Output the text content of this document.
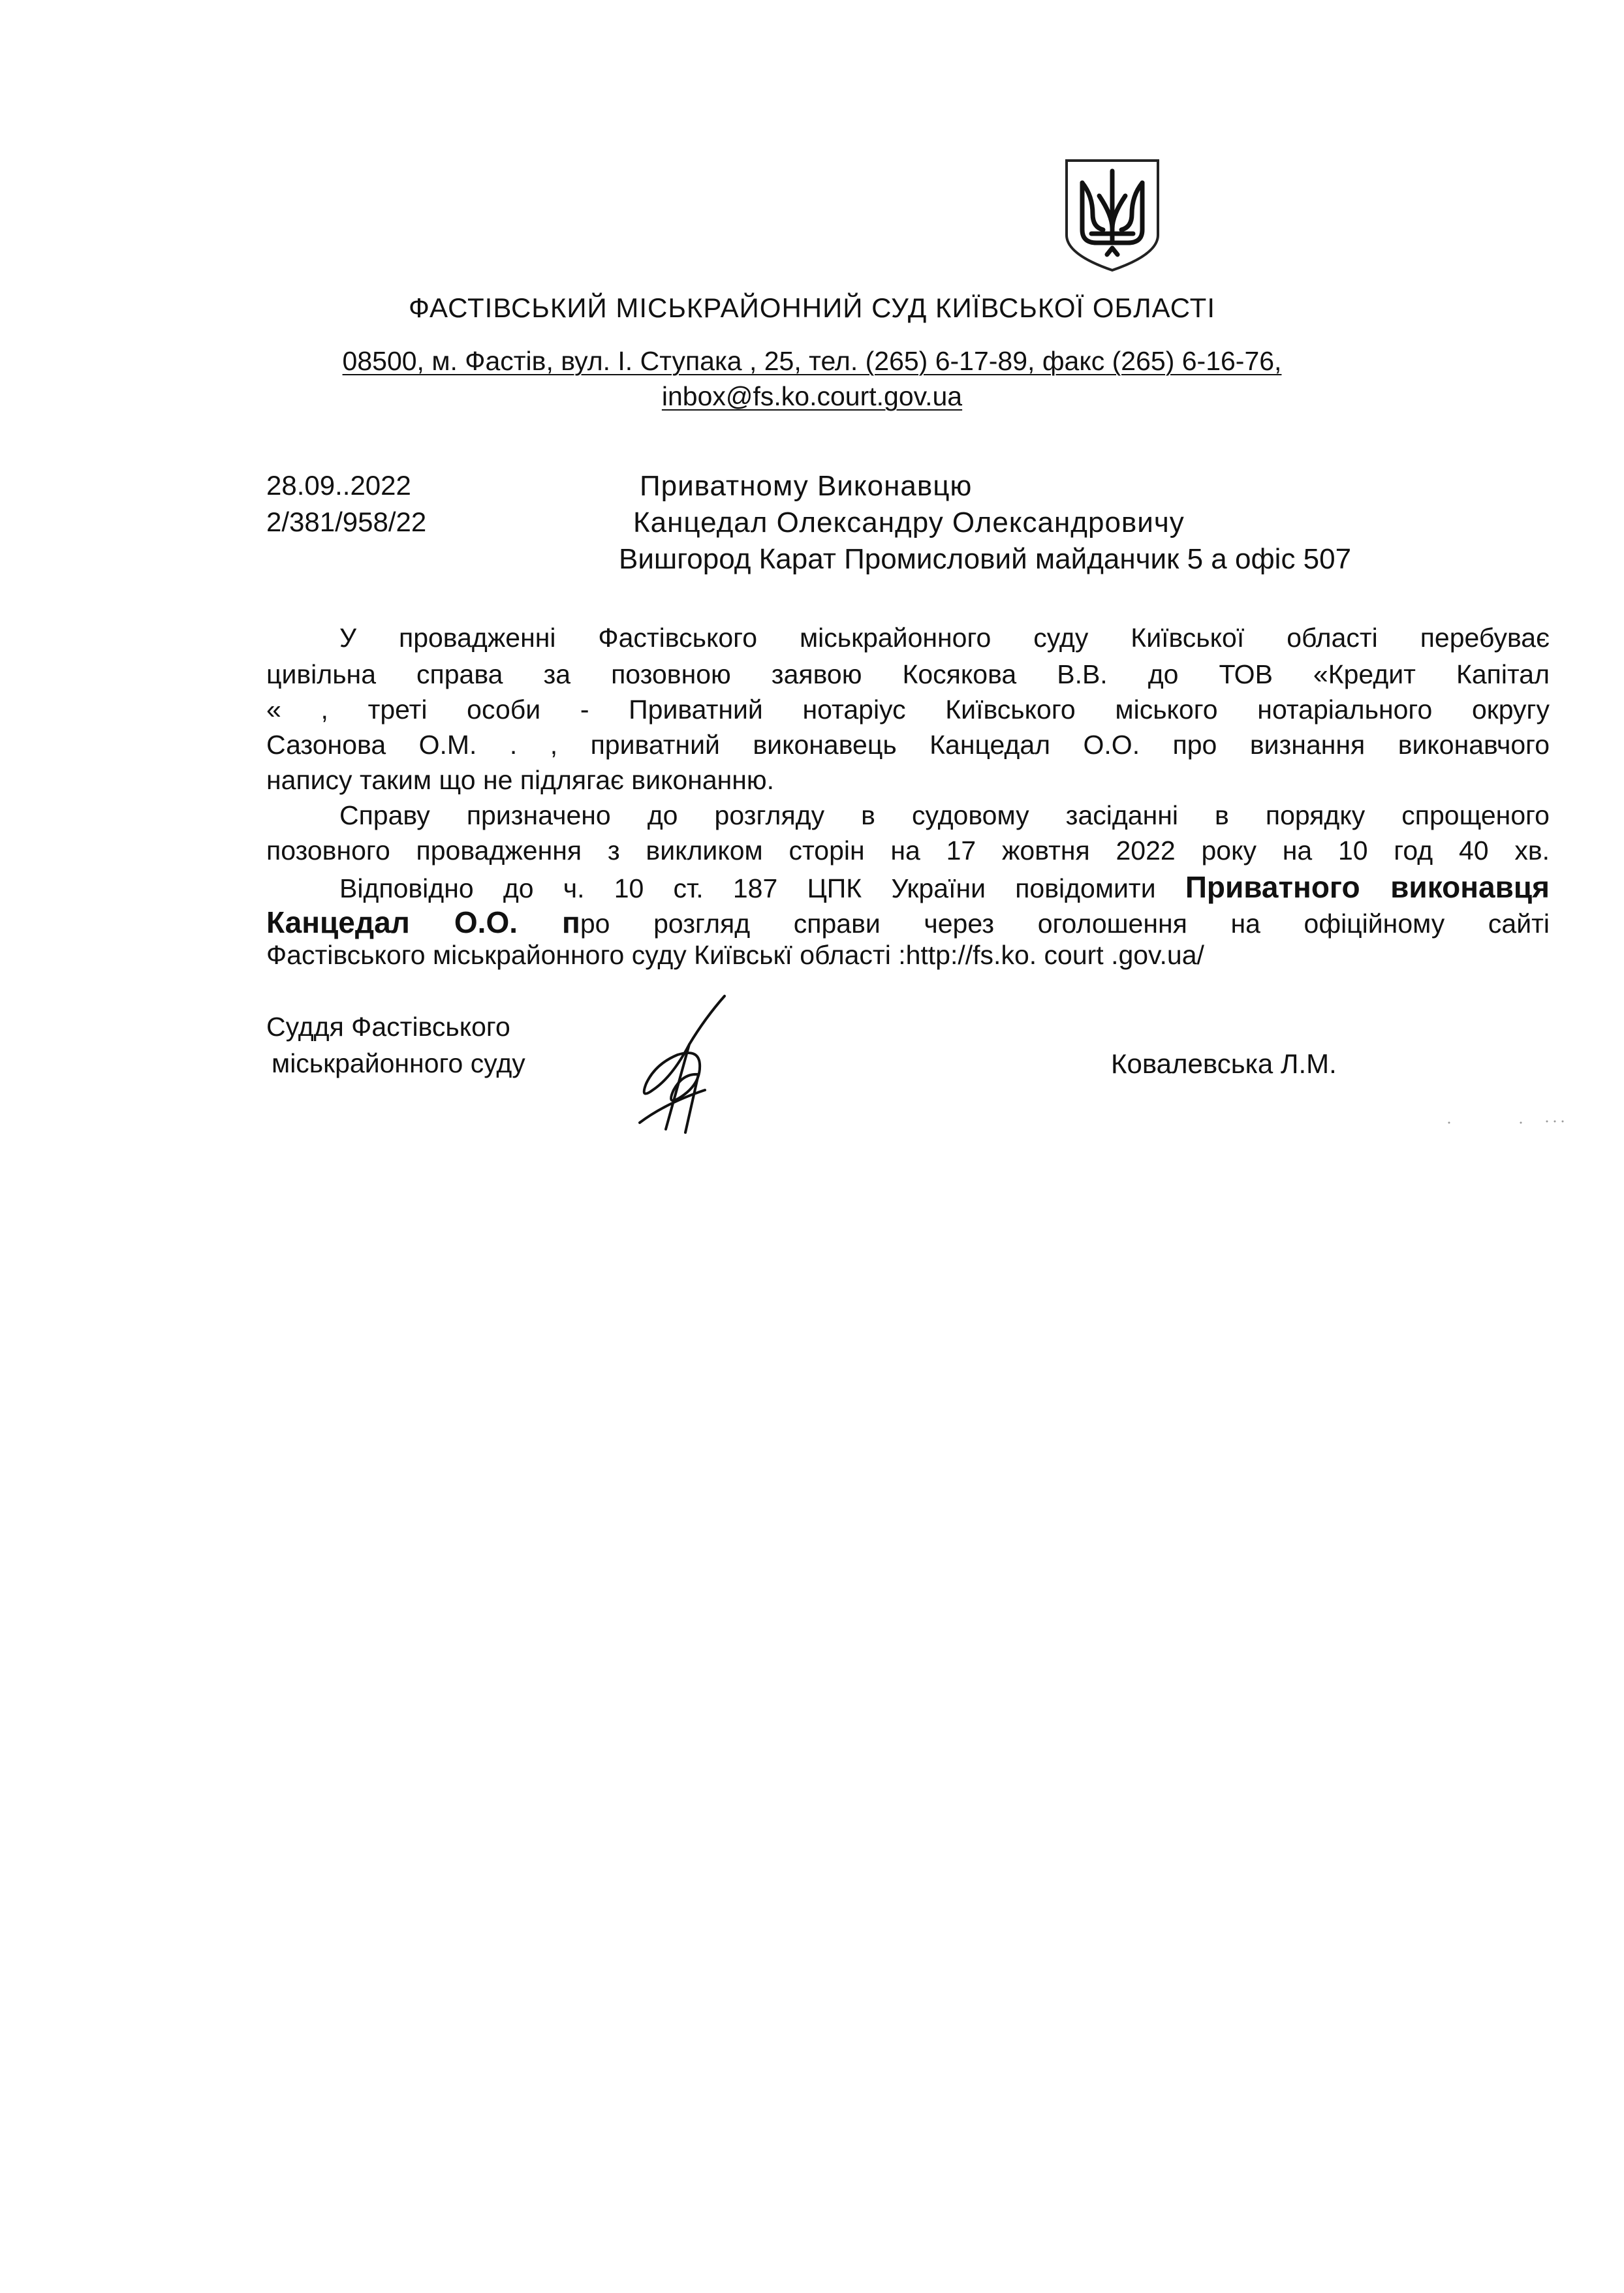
ФАСТІВСЬКИЙ МІСЬКРАЙОННИЙ СУД КИЇВСЬКОЇ ОБЛАСТІ
08500, м. Фастів, вул. І. Ступака , 25, тел. (265) 6-17-89, факс (265) 6-16-76,
inbox@fs.ko.court.gov.ua
28.09..2022
2/381/958/22
Приватному Виконавцю
Канцедал Олександру Олександровичу
Вишгород Карат Промисловий майданчик 5 а офіс 507
У провадженні Фастівського міськрайонного суду Київської області перебуває
цивільна справа за позовною заявою Косякова В.В. до ТОВ «Кредит Капітал
« , треті особи - Приватний нотаріус Київського міського нотаріального округу
Сазонова О.М. . , приватний виконавець Канцедал О.О. про визнання виконавчого
напису таким що не підлягає виконанню.
Справу призначено до розгляду в судовому засіданні в порядку спрощеного
позовного провадження з викликом сторін на 17 жовтня 2022 року на 10 год 40 хв.
Відповідно до ч. 10 ст. 187 ЦПК України повідомити Приватного виконавця
Канцедал О.О. про розгляд справи через оголошення на офіційному сайті
Фастівського міськрайонного суду Київськї області :http://fs.ko. court .gov.ua/
Суддя Фастівського
міськрайонного суду	Ковалевська Л.М.
